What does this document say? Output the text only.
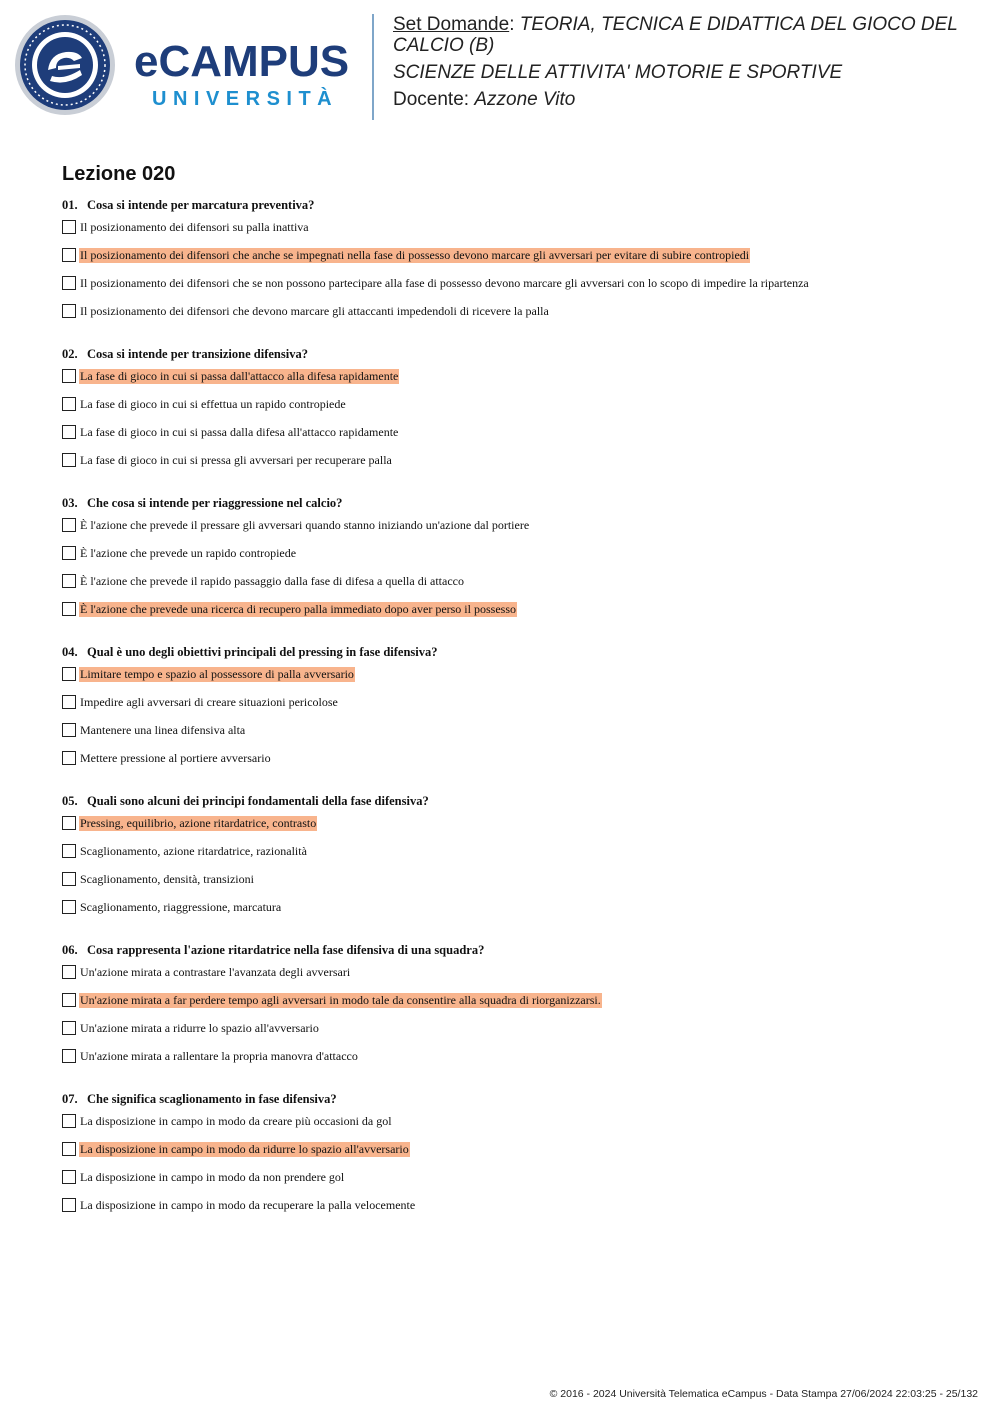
eCAMPUS
UNIVERSITÀ
Set Domande: TEORIA, TECNICA E DIDATTICA DEL GIOCO DEL CALCIO (B)
SCIENZE DELLE ATTIVITA' MOTORIE E SPORTIVE
Docente: Azzone Vito
Lezione 020
01. Cosa si intende per marcatura preventiva?
Il posizionamento dei difensori su palla inattiva
Il posizionamento dei difensori che anche se impegnati nella fase di possesso devono marcare gli avversari per evitare di subire contropiedi
Il posizionamento dei difensori che se non possono partecipare alla fase di possesso devono marcare gli avversari con lo scopo di impedire la ripartenza
Il posizionamento dei difensori che devono marcare gli attaccanti impedendoli di ricevere la palla
02. Cosa si intende per transizione difensiva?
La fase di gioco in cui si passa dall'attacco alla difesa rapidamente
La fase di gioco in cui si effettua un rapido contropiede
La fase di gioco in cui si passa dalla difesa all'attacco rapidamente
La fase di gioco in cui si pressa gli avversari per recuperare palla
03. Che cosa si intende per riaggressione nel calcio?
È l'azione che prevede il pressare gli avversari quando stanno iniziando un'azione dal portiere
È l'azione che prevede un rapido contropiede
È l'azione che prevede il rapido passaggio dalla fase di difesa a quella di attacco
È l'azione che prevede una ricerca di recupero palla immediato dopo aver perso il possesso
04. Qual è uno degli obiettivi principali del pressing in fase difensiva?
Limitare tempo e spazio al possessore di palla avversario
Impedire agli avversari di creare situazioni pericolose
Mantenere una linea difensiva alta
Mettere pressione al portiere avversario
05. Quali sono alcuni dei principi fondamentali della fase difensiva?
Pressing, equilibrio, azione ritardatrice, contrasto
Scaglionamento, azione ritardatrice, razionalità
Scaglionamento, densità, transizioni
Scaglionamento, riaggressione, marcatura
06. Cosa rappresenta l'azione ritardatrice nella fase difensiva di una squadra?
Un'azione mirata a contrastare l'avanzata degli avversari
Un'azione mirata a far perdere tempo agli avversari in modo tale da consentire alla squadra di riorganizzarsi.
Un'azione mirata a ridurre lo spazio all'avversario
Un'azione mirata a rallentare la propria manovra d'attacco
07. Che significa scaglionamento in fase difensiva?
La disposizione in campo in modo da creare più occasioni da gol
La disposizione in campo in modo da ridurre lo spazio all'avversario
La disposizione in campo in modo da non prendere gol
La disposizione in campo in modo da recuperare la palla velocemente
© 2016 - 2024 Università Telematica eCampus - Data Stampa 27/06/2024 22:03:25 - 25/132
